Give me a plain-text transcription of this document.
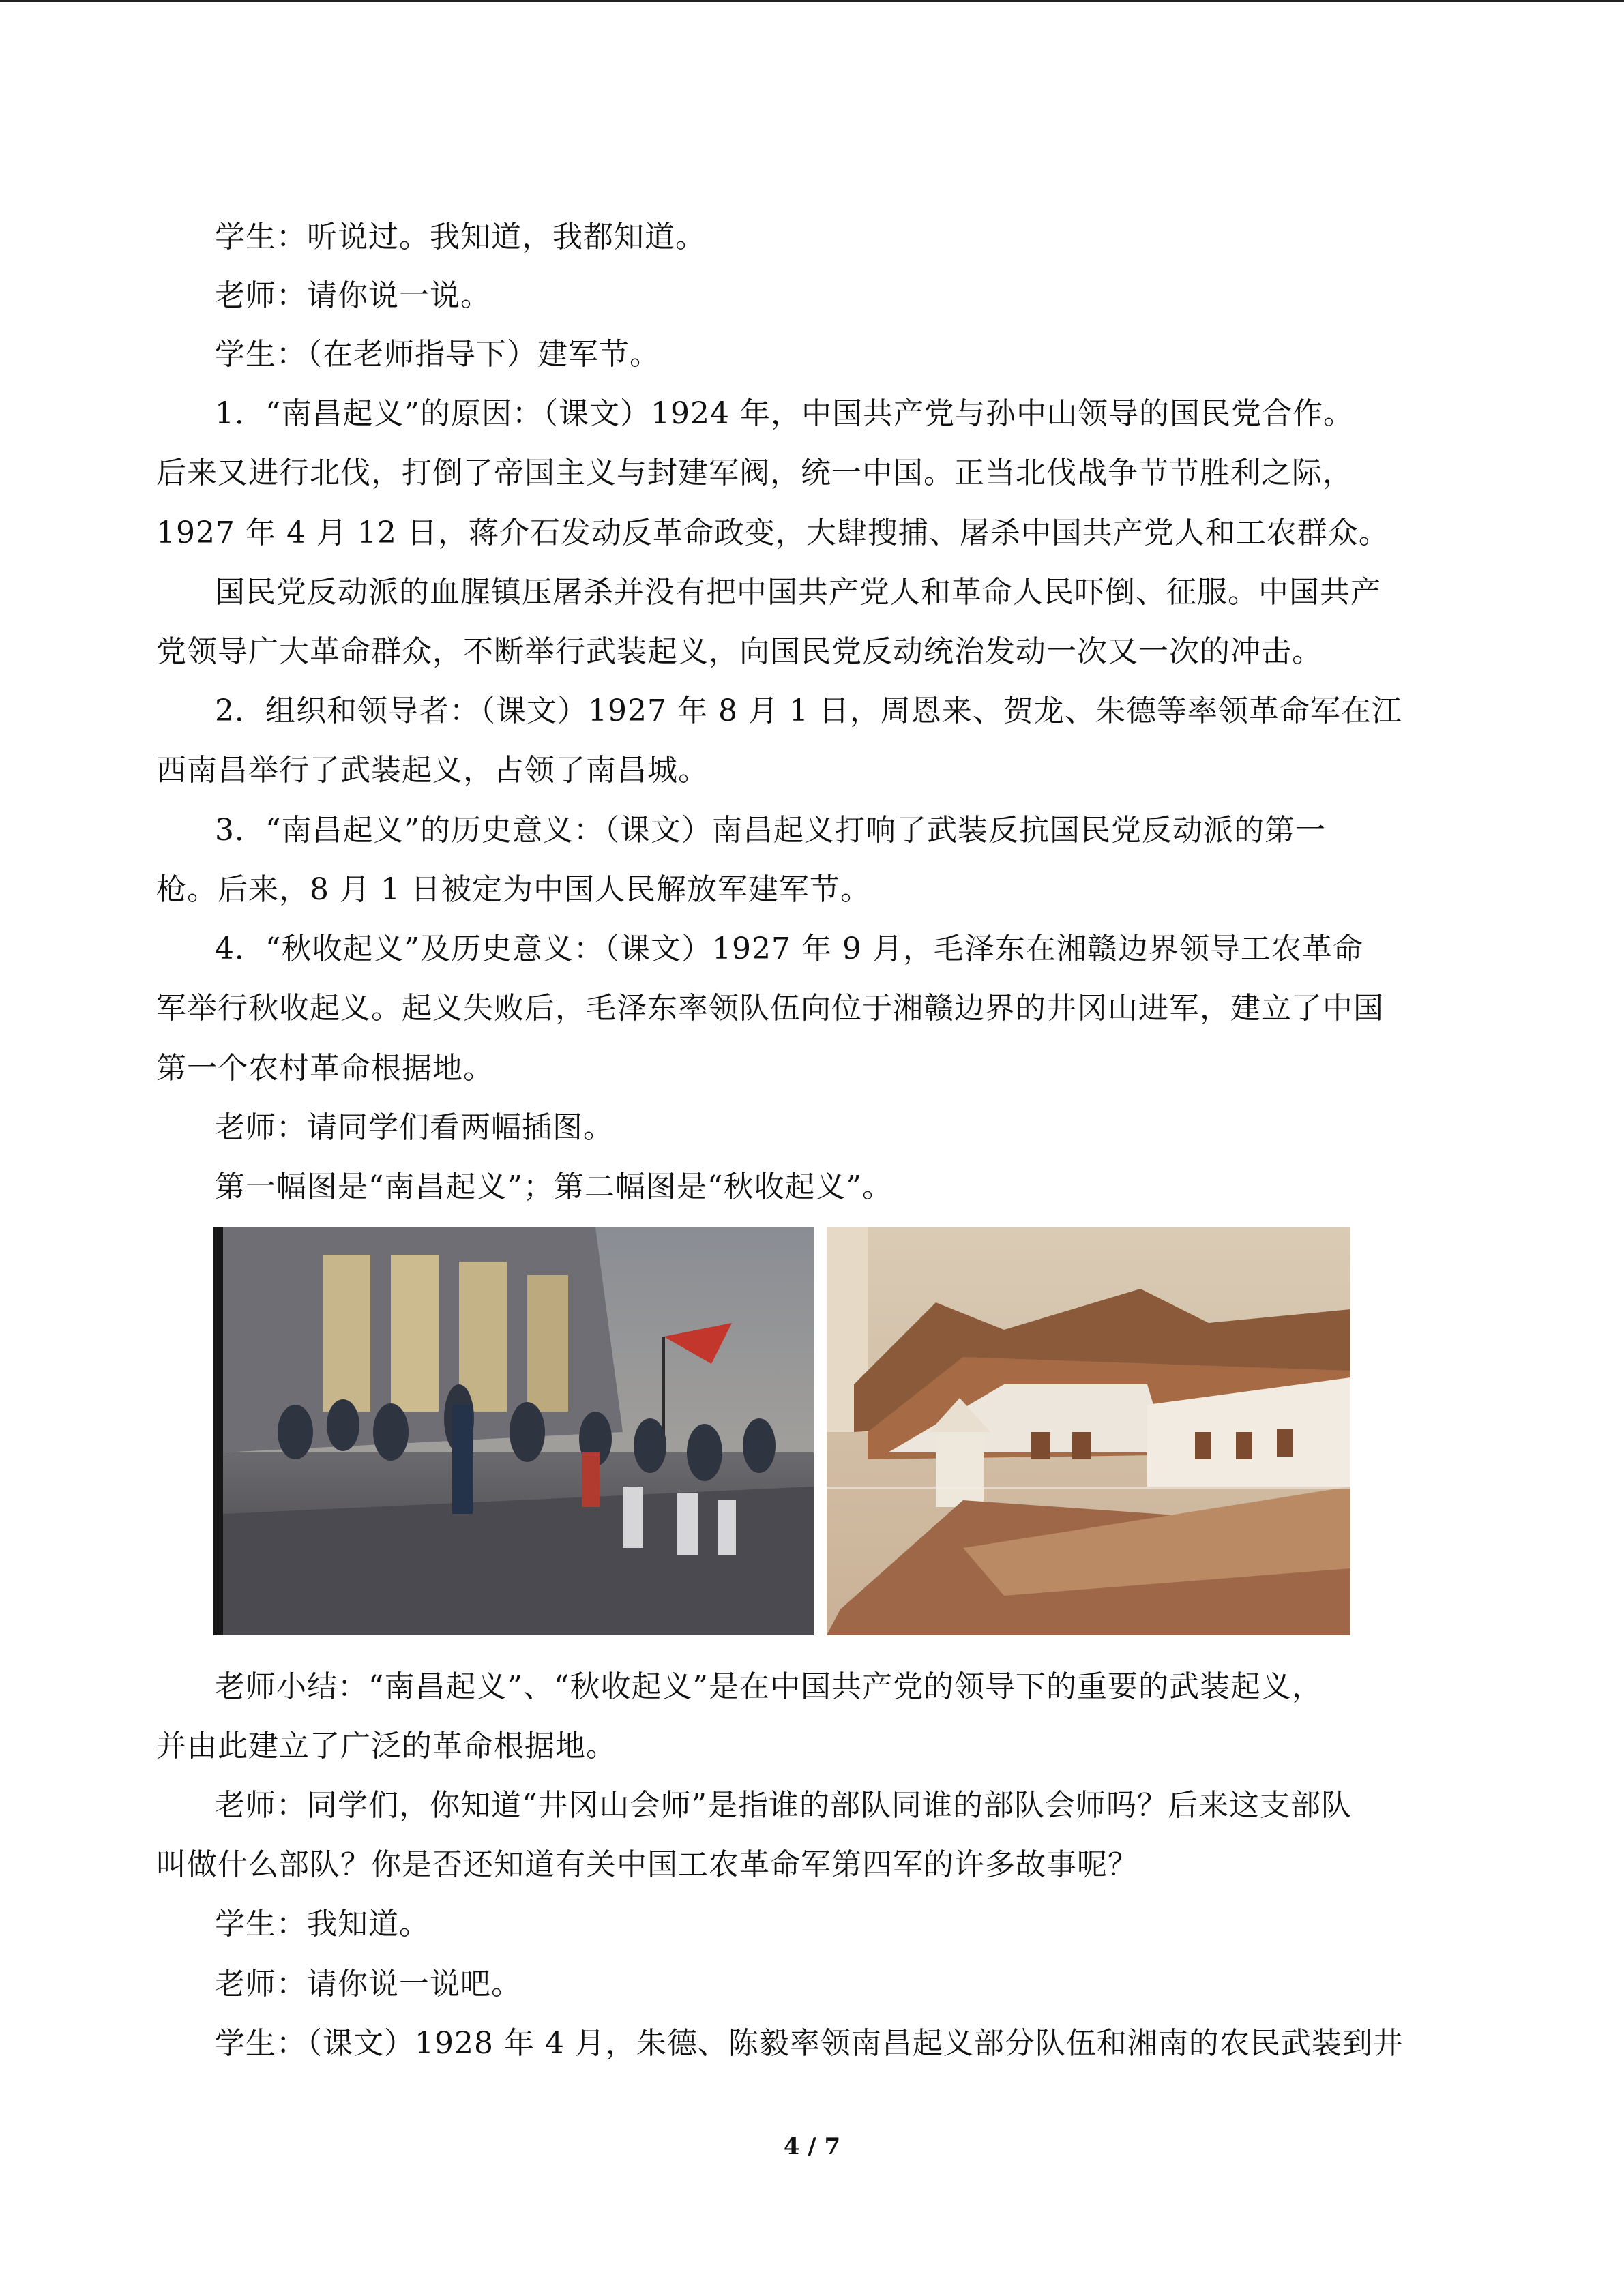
学生：听说过。我知道，我都知道。
老师：请你说一说。
学生：（在老师指导下）建军节。
1．“南昌起义”的原因：（课文）1924 年，中国共产党与孙中山领导的国民党合作。
后来又进行北伐，打倒了帝国主义与封建军阀，统一中国。正当北伐战争节节胜利之际，
1927 年 4 月 12 日，蒋介石发动反革命政变，大肆搜捕、屠杀中国共产党人和工农群众。
国民党反动派的血腥镇压屠杀并没有把中国共产党人和革命人民吓倒、征服。中国共产
党领导广大革命群众，不断举行武装起义，向国民党反动统治发动一次又一次的冲击。
2．组织和领导者：（课文）1927 年 8 月 1 日，周恩来、贺龙、朱德等率领革命军在江
西南昌举行了武装起义，占领了南昌城。
3．“南昌起义”的历史意义：（课文）南昌起义打响了武装反抗国民党反动派的第一
枪。后来，8 月 1 日被定为中国人民解放军建军节。
4．“秋收起义”及历史意义：（课文）1927 年 9 月，毛泽东在湘赣边界领导工农革命
军举行秋收起义。起义失败后，毛泽东率领队伍向位于湘赣边界的井冈山进军，建立了中国
第一个农村革命根据地。
老师：请同学们看两幅插图。
第一幅图是“南昌起义”；第二幅图是“秋收起义”。
老师小结：“南昌起义”、“秋收起义”是在中国共产党的领导下的重要的武装起义，
并由此建立了广泛的革命根据地。
老师：同学们，你知道“井冈山会师”是指谁的部队同谁的部队会师吗？后来这支部队
叫做什么部队？你是否还知道有关中国工农革命军第四军的许多故事呢？
学生：我知道。
老师：请你说一说吧。
学生：（课文）1928 年 4 月，朱德、陈毅率领南昌起义部分队伍和湘南的农民武装到井
4 / 7
